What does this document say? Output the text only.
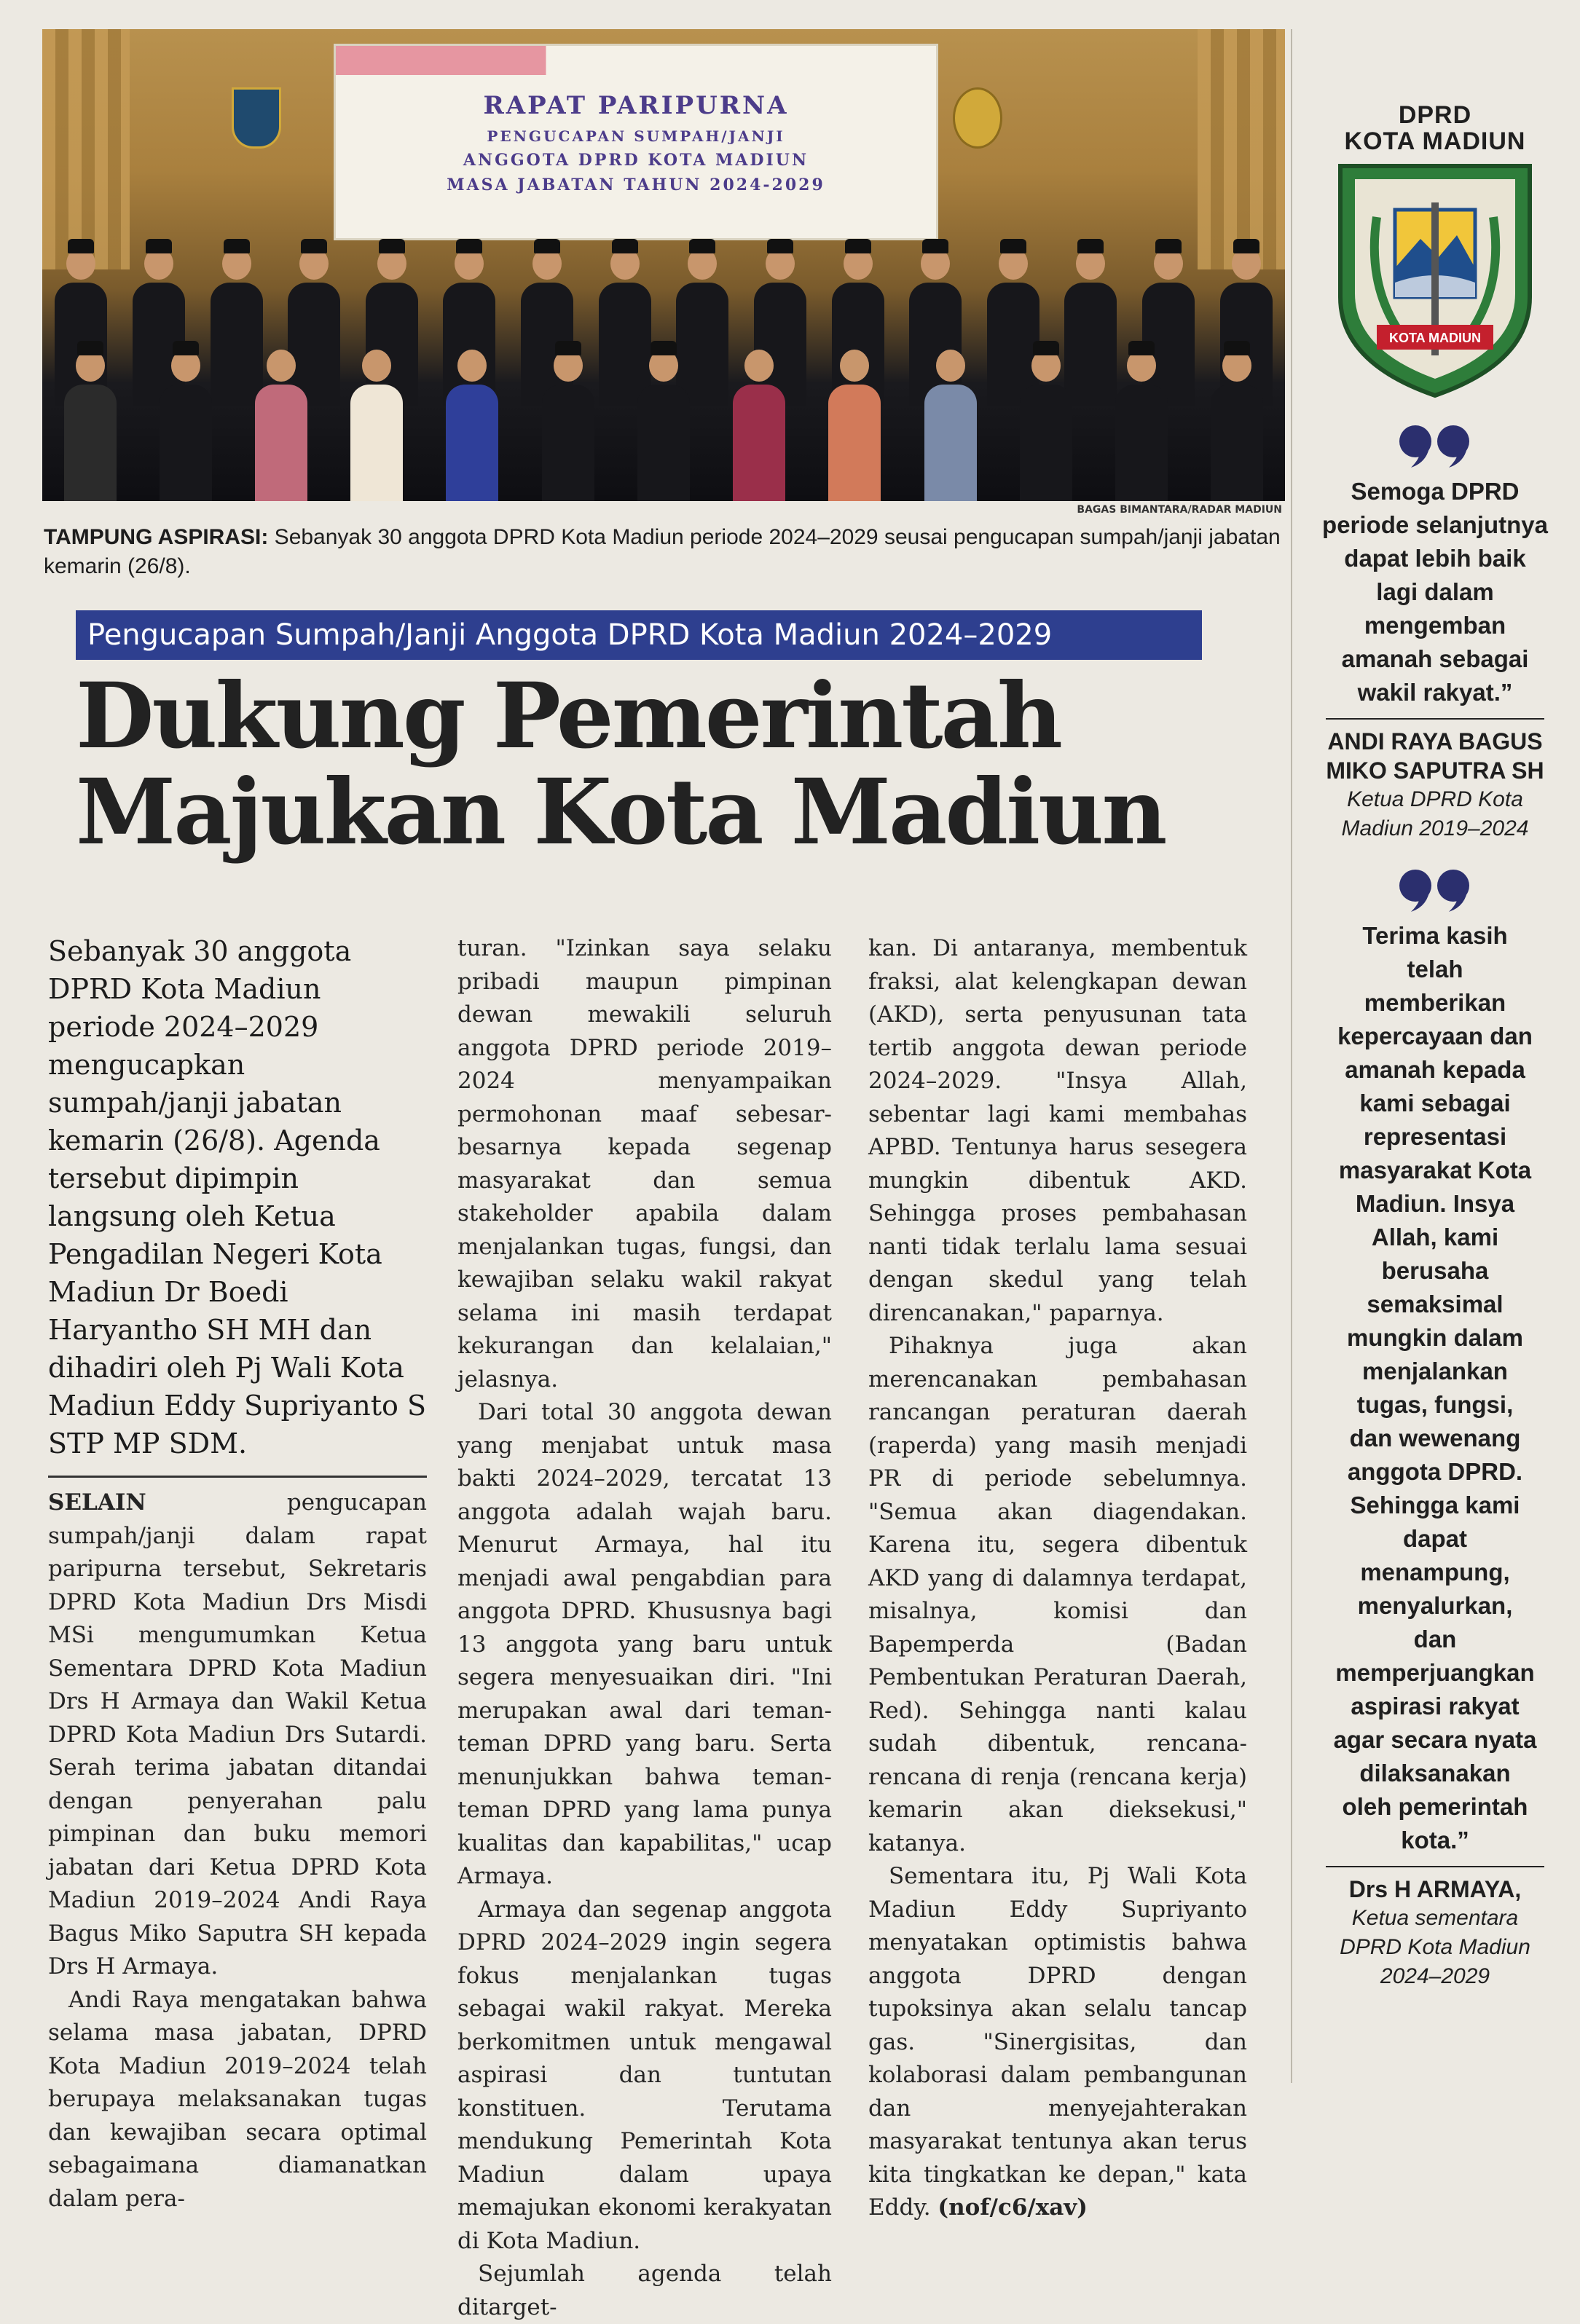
RAPAT PARIPURNA
PENGUCAPAN SUMPAH/JANJI
ANGGOTA DPRD KOTA MADIUN
MASA JABATAN TAHUN 2024-2029
BAGAS BIMANTARA/RADAR MADIUN
TAMPUNG ASPIRASI: Sebanyak 30 anggota DPRD Kota Madiun periode 2024–2029 seusai pengucapan sumpah/janji jabatan kemarin (26/8).
Pengucapan Sumpah/Janji Anggota DPRD Kota Madiun 2024–2029
Dukung Pemerintah
Majukan Kota Madiun

Sebanyak 30 anggota DPRD Kota Madiun periode 2024–2029 mengucapkan sumpah/janji jabatan kemarin (26/8). Agenda tersebut dipimpin langsung oleh Ketua Pengadilan Negeri Kota Madiun Dr Boedi Haryantho SH MH dan dihadiri oleh Pj Wali Kota Madiun Eddy Supriyanto S STP MP SDM.

SELAIN pengucapan sumpah/janji dalam rapat paripurna tersebut, Sekretaris DPRD Kota Madiun Drs Misdi MSi mengumumkan Ketua Sementara DPRD Kota Madiun Drs H Armaya dan Wakil Ketua DPRD Kota Madiun Drs Sutardi. Serah terima jabatan ditandai dengan penyerahan palu pimpinan dan buku memori jabatan dari Ketua DPRD Kota Madiun 2019–2024 Andi Raya Bagus Miko Saputra SH kepada Drs H Armaya.

Andi Raya mengatakan bahwa selama masa jabatan, DPRD Kota Madiun 2019–2024 telah berupaya melaksanakan tugas dan kewajiban secara optimal sebagaimana diamanatkan dalam pera-

turan. "Izinkan saya selaku pribadi maupun pimpinan dewan mewakili seluruh anggota DPRD periode 2019–2024 menyampaikan permohonan maaf sebesar-besarnya kepada segenap masyarakat dan semua stakeholder apabila dalam menjalankan tugas, fungsi, dan kewajiban selaku wakil rakyat selama ini masih terdapat kekurangan dan kelalaian," jelasnya.

Dari total 30 anggota dewan yang menjabat untuk masa bakti 2024–2029, tercatat 13 anggota adalah wajah baru. Menurut Armaya, hal itu menjadi awal pengabdian para anggota DPRD. Khususnya bagi 13 anggota yang baru untuk segera menyesuaikan diri. "Ini merupakan awal dari teman-teman DPRD yang baru. Serta menunjukkan bahwa teman-teman DPRD yang lama punya kualitas dan kapabilitas," ucap Armaya.

Armaya dan segenap anggota DPRD 2024–2029 ingin segera fokus menjalankan tugas sebagai wakil rakyat. Mereka berkomitmen untuk mengawal aspirasi dan tuntutan konstituen. Terutama mendukung Pemerintah Kota Madiun dalam upaya memajukan ekonomi kerakyatan di Kota Madiun.

Sejumlah agenda telah ditarget-

kan. Di antaranya, membentuk fraksi, alat kelengkapan dewan (AKD), serta penyusunan tata tertib anggota dewan periode 2024–2029. "Insya Allah, sebentar lagi kami membahas APBD. Tentunya harus sesegera mungkin dibentuk AKD. Sehingga proses pembahasan nanti tidak terlalu lama sesuai dengan skedul yang telah direncanakan," paparnya.

Pihaknya juga akan merencanakan pembahasan rancangan peraturan daerah (raperda) yang masih menjadi PR di periode sebelumnya. "Semua akan diagendakan. Karena itu, segera dibentuk AKD yang di dalamnya terdapat, misalnya, komisi dan Bapemperda (Badan Pembentukan Peraturan Daerah, Red). Sehingga nanti kalau sudah dibentuk, rencana-rencana di renja (rencana kerja) kemarin akan dieksekusi," katanya.

Sementara itu, Pj Wali Kota Madiun Eddy Supriyanto menyatakan optimistis bahwa anggota DPRD dengan tupoksinya akan selalu tancap gas. "Sinergisitas, dan kolaborasi dalam pembangunan dan menyejahterakan masyarakat tentunya akan terus kita tingkatkan ke depan," kata Eddy. (nof/c6/xav)

DPRD
KOTA MADIUN
KOTA MADIUN
Semoga DPRD periode selanjutnya dapat lebih baik lagi dalam mengemban amanah sebagai wakil rakyat.”
ANDI RAYA BAGUS MIKO SAPUTRA SH
Ketua DPRD Kota Madiun 2019–2024
Terima kasih telah memberikan kepercayaan dan amanah kepada kami sebagai representasi masyarakat Kota Madiun. Insya Allah, kami berusaha semaksimal mungkin dalam menjalankan tugas, fungsi, dan wewenang anggota DPRD. Sehingga kami dapat menampung, menyalurkan, dan memperjuangkan aspirasi rakyat agar secara nyata dilaksanakan oleh pemerintah kota.”
Drs H ARMAYA,
Ketua sementara DPRD Kota Madiun 2024–2029
